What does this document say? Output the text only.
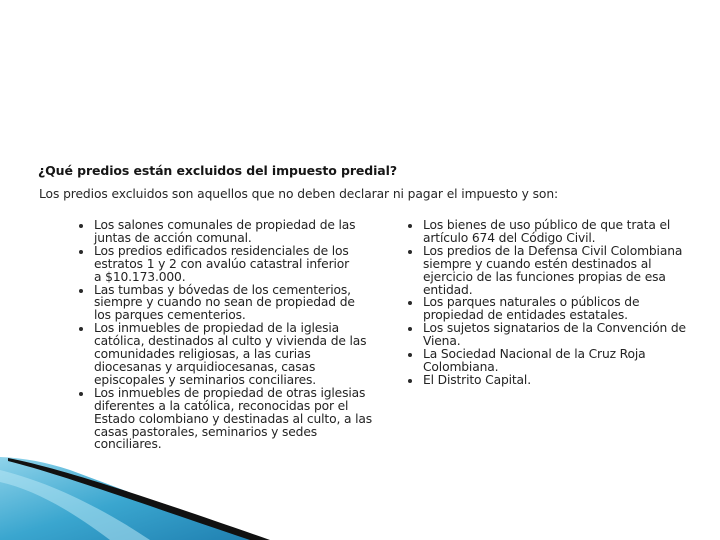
¿Qué predios están excluidos del impuesto predial?
Los predios excluidos son aquellos que no deben declarar ni pagar el impuesto y son:
Los salones comunales de propiedad de las
juntas de acción comunal.
Los predios edificados residenciales de los
estratos 1 y 2 con avalúo catastral inferior
a $10.173.000.
Las tumbas y bóvedas de los cementerios,
siempre y cuando no sean de propiedad de
los parques cementerios.
Los inmuebles de propiedad de la iglesia
católica, destinados al culto y vivienda de las
comunidades religiosas, a las curias
diocesanas y arquidiocesanas, casas
episcopales y seminarios conciliares.
Los inmuebles de propiedad de otras iglesias
diferentes a la católica, reconocidas por el
Estado colombiano y destinadas al culto, a las
casas pastorales, seminarios y sedes
conciliares.
Los bienes de uso público de que trata el
artículo 674 del Código Civil.
Los predios de la Defensa Civil Colombiana
siempre y cuando estén destinados al
ejercicio de las funciones propias de esa
entidad.
Los parques naturales o públicos de
propiedad de entidades estatales.
Los sujetos signatarios de la Convención de
Viena.
La Sociedad Nacional de la Cruz Roja
Colombiana.
El Distrito Capital.
